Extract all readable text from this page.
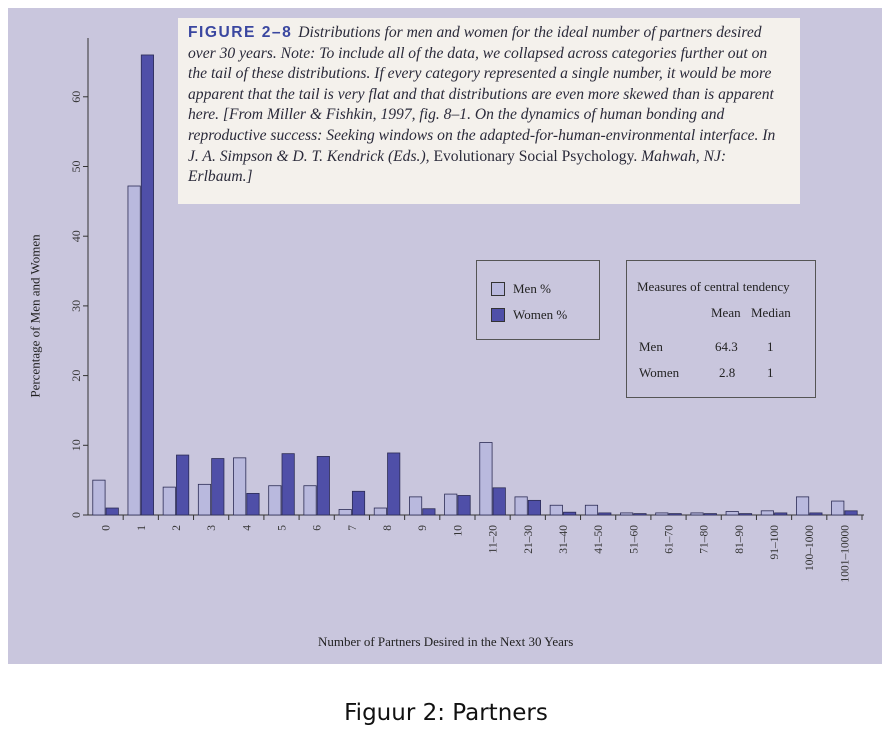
0
10
20
30
40
50
60
0 1 2 3 4 5 6 7 8 9 10 11–20 21–30 31–40 41–50 51–60 61–70 71–80 81–90 91–100 100–1000 1001–10000
FIGURE 2–8 Distributions for men and women for the ideal number of partners desired over 30 years. Note: To include all of the data, we collapsed across categories further out on the tail of these distributions. If every category represented a single number, it would be more apparent that the tail is very flat and that distributions are even more skewed than is apparent here. [From Miller & Fishkin, 1997, fig. 8–1. On the dynamics of human bonding and reproductive success: Seeking windows on the adapted-for-human-environmental interface. In J. A. Simpson & D. T. Kendrick (Eds.), Evolutionary Social Psychology. Mahwah, NJ: Erlbaum.]
Men %
Women %
Measures of central tendency
Mean Median
Men	64.3 1
Women	2.8 1
Percentage of Men and Women
Number of Partners Desired in the Next 30 Years
Figuur 2: Partners
